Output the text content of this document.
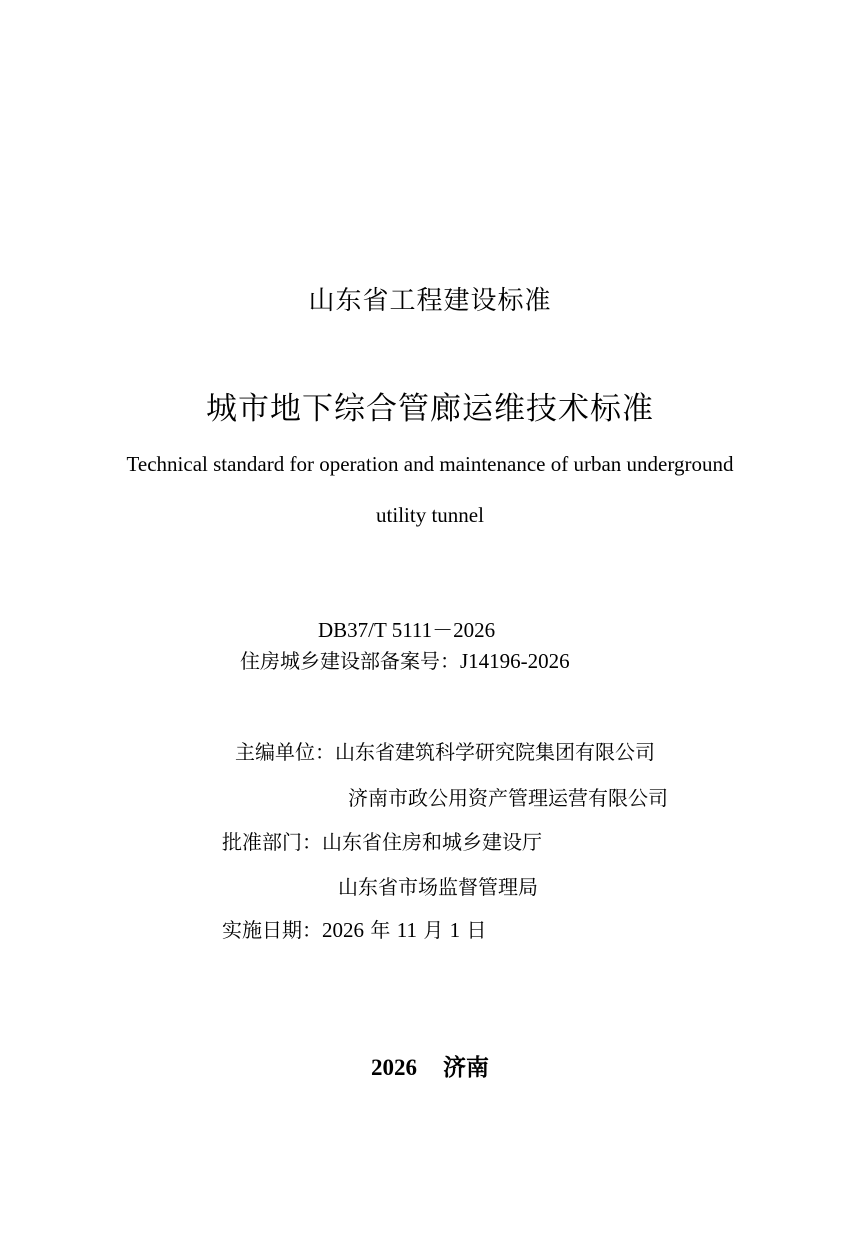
山东省工程建设标准
城市地下综合管廊运维技术标准
Technical standard for operation and maintenance of urban underground
utility tunnel
DB37/T 5111－2026
住房城乡建设部备案号：J14196-2026
主编单位：山东省建筑科学研究院集团有限公司
济南市政公用资产管理运营有限公司
批准部门：山东省住房和城乡建设厅
山东省市场监督管理局
实施日期：2026 年 11 月 1 日
2026 济南
